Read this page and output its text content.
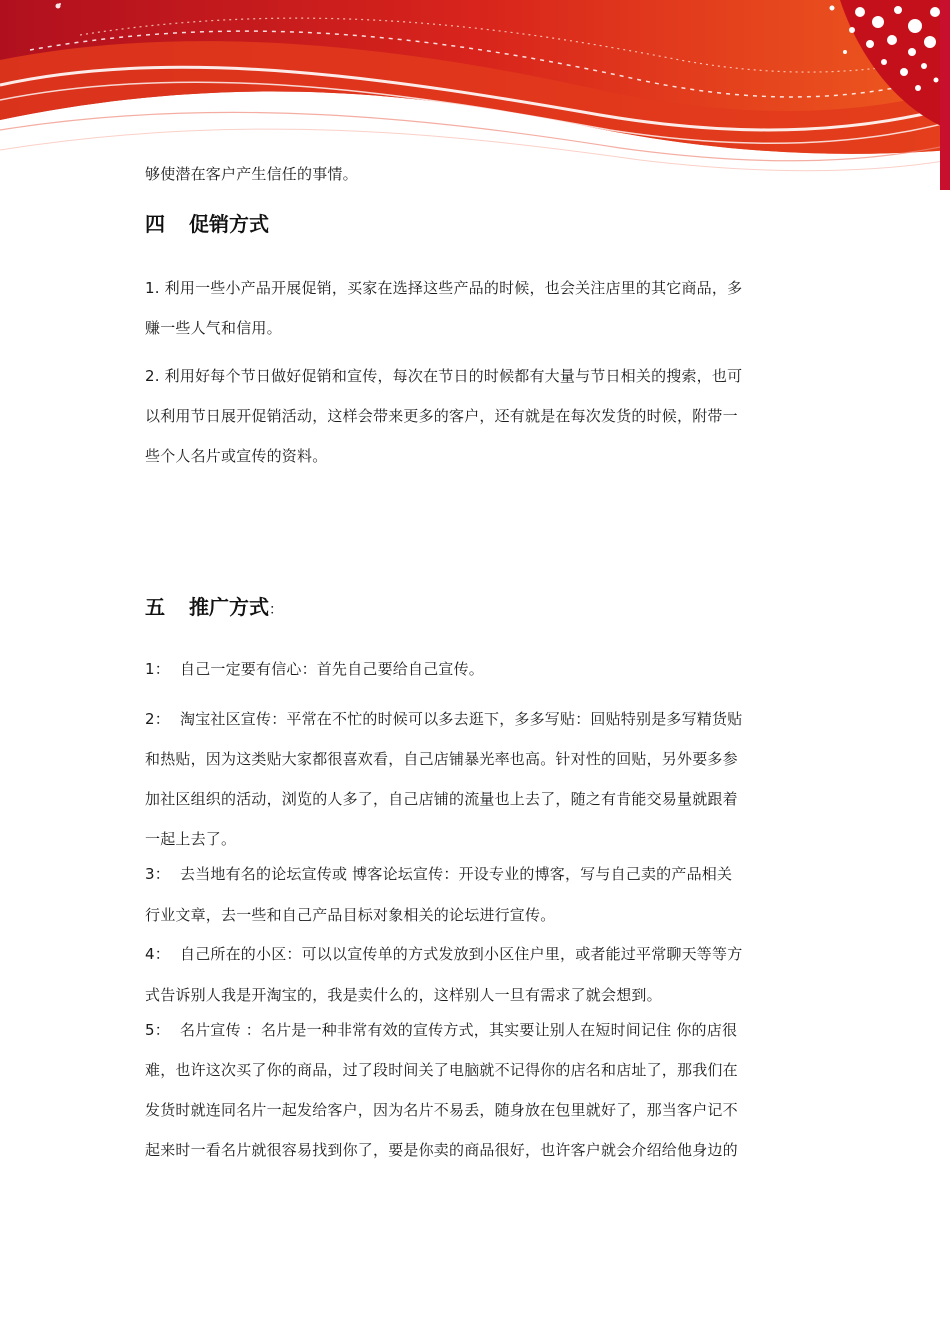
够使潜在客户产生信任的事情。

四 促销方式

1. 利用一些小产品开展促销，买家在选择这些产品的时候，也会关注店里的其它商品，多

赚一些人气和信用。

2. 利用好每个节日做好促销和宣传，每次在节日的时候都有大量与节日相关的搜索，也可

以利用节日展开促销活动，这样会带来更多的客户，还有就是在每次发货的时候，附带一

些个人名片或宣传的资料。

五 推广方式：

1： 自己一定要有信心：首先自己要给自己宣传。

2： 淘宝社区宣传：平常在不忙的时候可以多去逛下，多多写贴：回贴特别是多写精货贴

和热贴，因为这类贴大家都很喜欢看，自己店铺暴光率也高。针对性的回贴，另外要多参

加社区组织的活动，浏览的人多了，自己店铺的流量也上去了，随之有肯能交易量就跟着

一起上去了。

3： 去当地有名的论坛宣传或 博客论坛宣传：开设专业的博客，写与自己卖的产品相关

行业文章，去一些和自己产品目标对象相关的论坛进行宣传。

4： 自己所在的小区：可以以宣传单的方式发放到小区住户里，或者能过平常聊天等等方

式告诉别人我是开淘宝的，我是卖什么的，这样别人一旦有需求了就会想到。

5： 名片宣传 ：名片是一种非常有效的宣传方式，其实要让别人在短时间记住 你的店很

难，也许这次买了你的商品，过了段时间关了电脑就不记得你的店名和店址了，那我们在

发货时就连同名片一起发给客户，因为名片不易丢，随身放在包里就好了，那当客户记不

起来时一看名片就很容易找到你了，要是你卖的商品很好，也许客户就会介绍给他身边的
